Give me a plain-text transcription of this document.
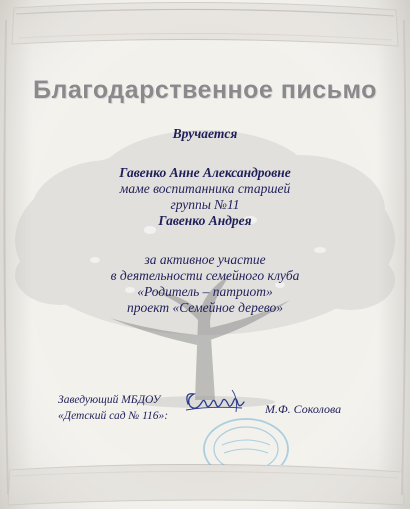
Благодарственное письмо
Вручается
Гавенко Анне Александровне
маме воспитанника старшей
группы №11
Гавенко Андрея
за активное участие
в деятельности семейного клуба
«Родитель – патриот»
проект «Семейное дерево»
Заведующий МБДОУ
«Детский сад № 116»:	М.Ф. Соколова
